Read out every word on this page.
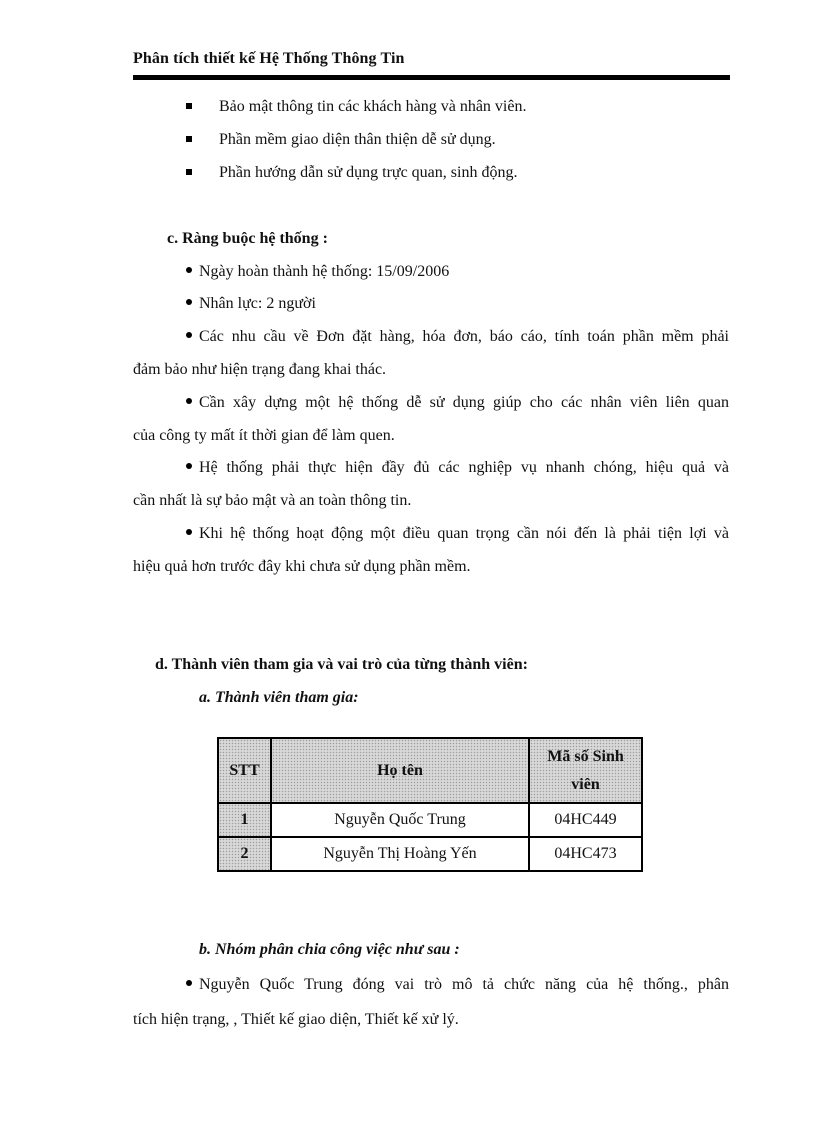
Phân tích thiết kế Hệ Thống Thông Tin
Bảo mật thông tin các khách hàng và nhân viên.
Phần mềm giao diện thân thiện dễ sử dụng.
Phần hướng dẫn sử dụng trực quan, sinh động.
c. Ràng buộc hệ thống :
Ngày hoàn thành hệ thống: 15/09/2006
Nhân lực: 2 người
Các nhu cầu về Đơn đặt hàng, hóa đơn, báo cáo, tính toán phần mềm phải
đảm bảo như hiện trạng đang khai thác.
Cần xây dựng một hệ thống dễ sử dụng giúp cho các nhân viên liên quan
của công ty mất ít thời gian để làm quen.
Hệ thống phải thực hiện đầy đủ các nghiệp vụ nhanh chóng, hiệu quả và
cần nhất là sự bảo mật và an toàn thông tin.
Khi hệ thống hoạt động một điều quan trọng cần nói đến là phải tiện lợi và
hiệu quả hơn trước đây khi chưa sử dụng phần mềm.
d. Thành viên tham gia và vai trò của từng thành viên:
a. Thành viên tham gia:
STT	Họ tên	Mã số Sinh
viên
1	Nguyễn Quốc Trung	04HC449
2	Nguyễn Thị Hoàng Yến	04HC473
b. Nhóm phân chia công việc như sau :
Nguyễn Quốc Trung đóng vai trò mô tả chức năng của hệ thống., phân
tích hiện trạng, , Thiết kế giao diện, Thiết kế xử lý.
